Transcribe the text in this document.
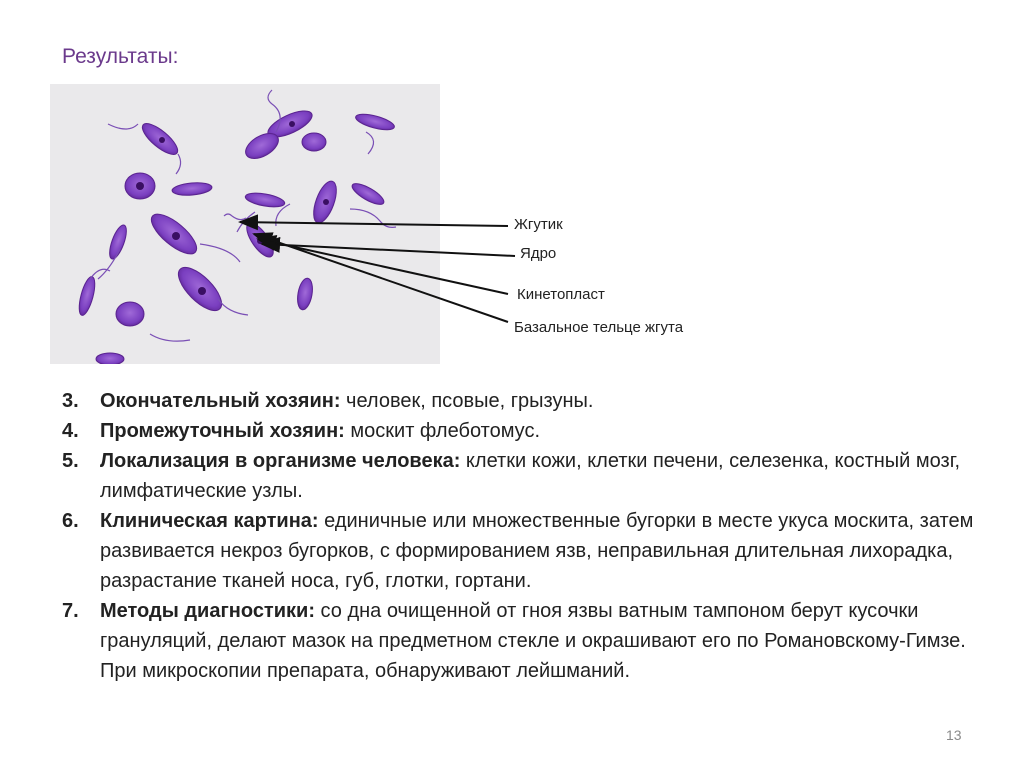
Результаты:
Жгутик
Ядро
Кинетопласт
Базальное тельце жгута
3. Окончательный хозяин: человек, псовые, грызуны.
4. Промежуточный хозяин: москит флеботомус.
5. Локализация в организме человека: клетки кожи, клетки печени, селезенка, костный мозг, лимфатические узлы.
6. Клиническая картина: единичные или множественные бугорки в месте укуса москита, затем развивается некроз бугорков, с формированием язв, неправильная длительная лихорадка, разрастание тканей носа, губ, глотки, гортани.
7. Методы диагностики: со дна очищенной от гноя язвы ватным тампоном берут кусочки грануляций, делают мазок на предметном стекле и окрашивают его по Романовскому-Гимзе. При микроскопии препарата, обнаруживают лейшманий.
13
